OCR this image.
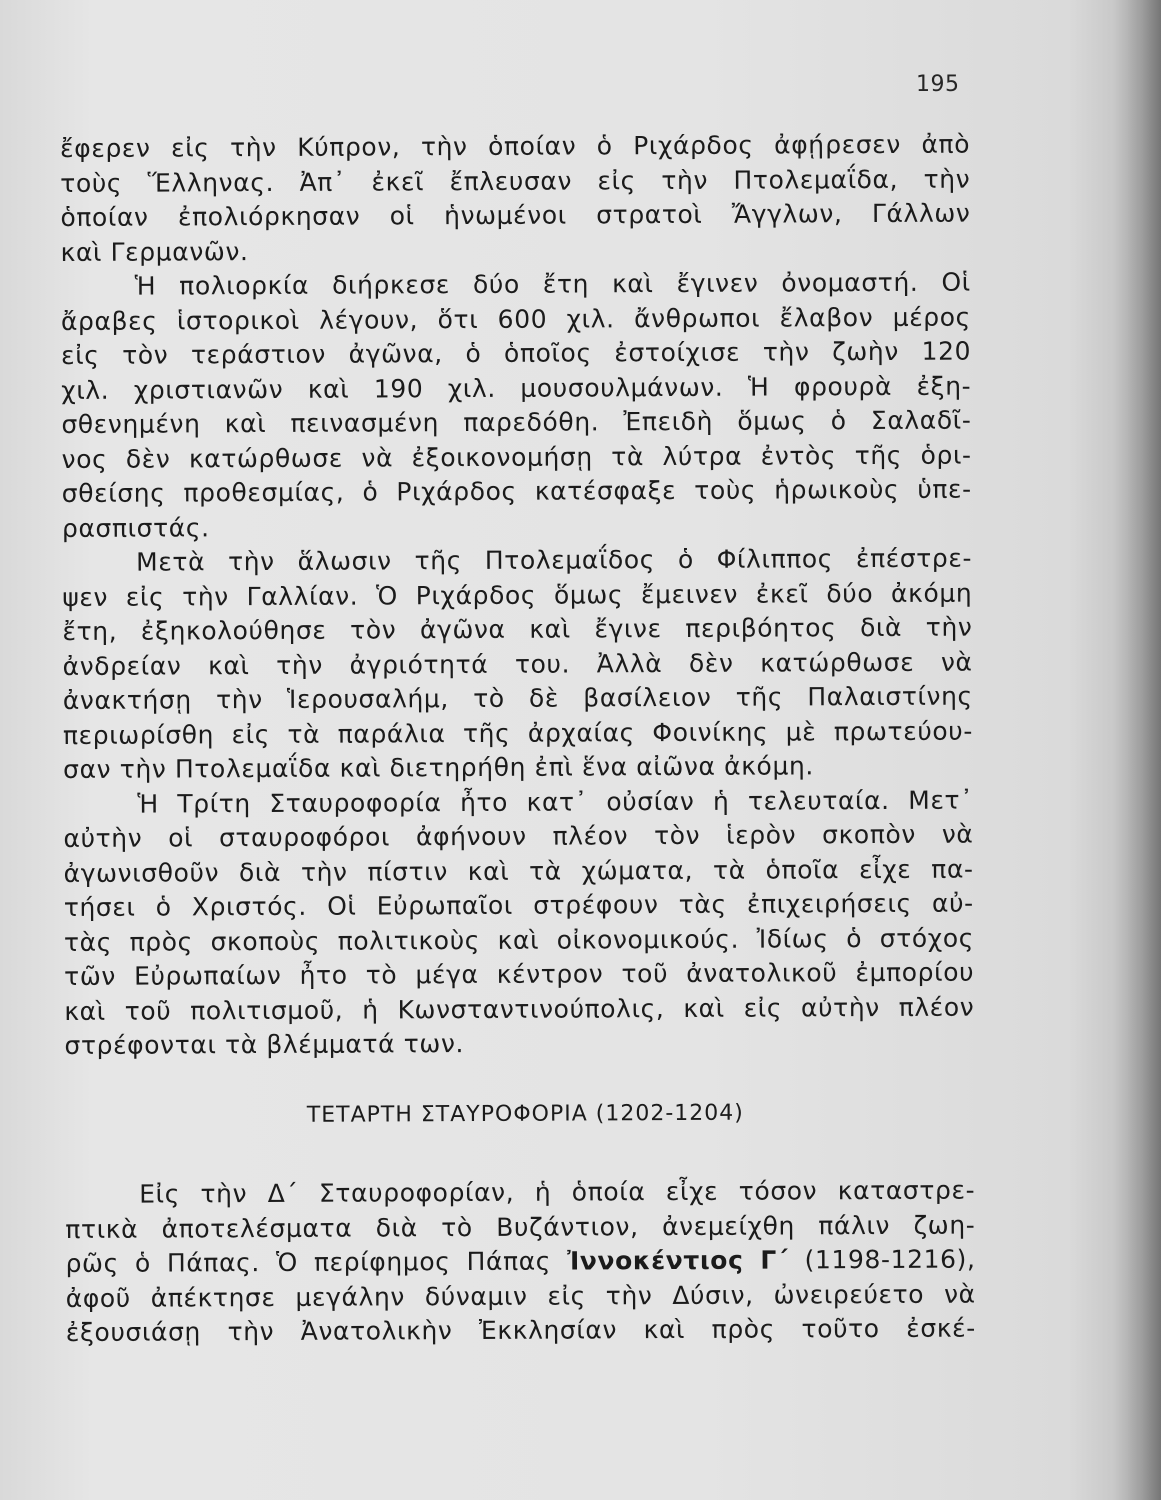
195
ἔφερεν εἰς τὴν Κύπρον, τὴν ὁποίαν ὁ Ριχάρδος ἀφῄρεσεν ἀπὸ
τοὺς Ἕλληνας. Ἀπ᾽ ἐκεῖ ἔπλευσαν εἰς τὴν Πτολεμαΐδα, τὴν
ὁποίαν ἐπολιόρκησαν οἱ ἡνωμένοι στρατοὶ Ἄγγλων, Γάλλων
καὶ Γερμανῶν.
Ἡ πολιορκία διήρκεσε δύο ἔτη καὶ ἔγινεν ὀνομαστή. Οἱ
ἄραβες ἱστορικοὶ λέγουν, ὅτι 600 χιλ. ἄνθρωποι ἔλαβον μέρος
εἰς τὸν τεράστιον ἀγῶνα, ὁ ὁποῖος ἐστοίχισε τὴν ζωὴν 120
χιλ. χριστιανῶν καὶ 190 χιλ. μουσουλμάνων. Ἡ φρουρὰ ἐξη-
σθενημένη καὶ πεινασμένη παρεδόθη. Ἐπειδὴ ὅμως ὁ Σαλαδῖ-
νος δὲν κατώρθωσε νὰ ἐξοικονομήσῃ τὰ λύτρα ἐντὸς τῆς ὁρι-
σθείσης προθεσμίας, ὁ Ριχάρδος κατέσφαξε τοὺς ἡρωικοὺς ὑπε-
ρασπιστάς.
Μετὰ τὴν ἅλωσιν τῆς Πτολεμαΐδος ὁ Φίλιππος ἐπέστρε-
ψεν εἰς τὴν Γαλλίαν. Ὁ Ριχάρδος ὅμως ἔμεινεν ἐκεῖ δύο ἀκόμη
ἔτη, ἐξηκολούθησε τὸν ἀγῶνα καὶ ἔγινε περιβόητος διὰ τὴν
ἀνδρείαν καὶ τὴν ἀγριότητά του. Ἀλλὰ δὲν κατώρθωσε νὰ
ἀνακτήσῃ τὴν Ἱερουσαλήμ, τὸ δὲ βασίλειον τῆς Παλαιστίνης
περιωρίσθη εἰς τὰ παράλια τῆς ἀρχαίας Φοινίκης μὲ πρωτεύου-
σαν τὴν Πτολεμαΐδα καὶ διετηρήθη ἐπὶ ἕνα αἰῶνα ἀκόμη.
Ἡ Τρίτη Σταυροφορία ἦτο κατ᾽ οὐσίαν ἡ τελευταία. Μετ᾽
αὐτὴν οἱ σταυροφόροι ἀφήνουν πλέον τὸν ἱερὸν σκοπὸν νὰ
ἀγωνισθοῦν διὰ τὴν πίστιν καὶ τὰ χώματα, τὰ ὁποῖα εἶχε πα-
τήσει ὁ Χριστός. Οἱ Εὐρωπαῖοι στρέφουν τὰς ἐπιχειρήσεις αὐ-
τὰς πρὸς σκοποὺς πολιτικοὺς καὶ οἰκονομικούς. Ἰδίως ὁ στόχος
τῶν Εὐρωπαίων ἦτο τὸ μέγα κέντρον τοῦ ἀνατολικοῦ ἐμπορίου
καὶ τοῦ πολιτισμοῦ, ἡ Κωνσταντινούπολις, καὶ εἰς αὐτὴν πλέον
στρέφονται τὰ βλέμματά των.
ΤΕΤΑΡΤΗ ΣΤΑΥΡΟΦΟΡΙΑ (1202-1204)
Εἰς τὴν Δ΄ Σταυροφορίαν, ἡ ὁποία εἶχε τόσον καταστρε-
πτικὰ ἀποτελέσματα διὰ τὸ Βυζάντιον, ἀνεμείχθη πάλιν ζωη-
ρῶς ὁ Πάπας. Ὁ περίφημος Πάπας Ἰννοκέντιος Γ΄ (1198-1216),
ἀφοῦ ἀπέκτησε μεγάλην δύναμιν εἰς τὴν Δύσιν, ὠνειρεύετο νὰ
ἐξουσιάσῃ τὴν Ἀνατολικὴν Ἐκκλησίαν καὶ πρὸς τοῦτο ἐσκέ-
